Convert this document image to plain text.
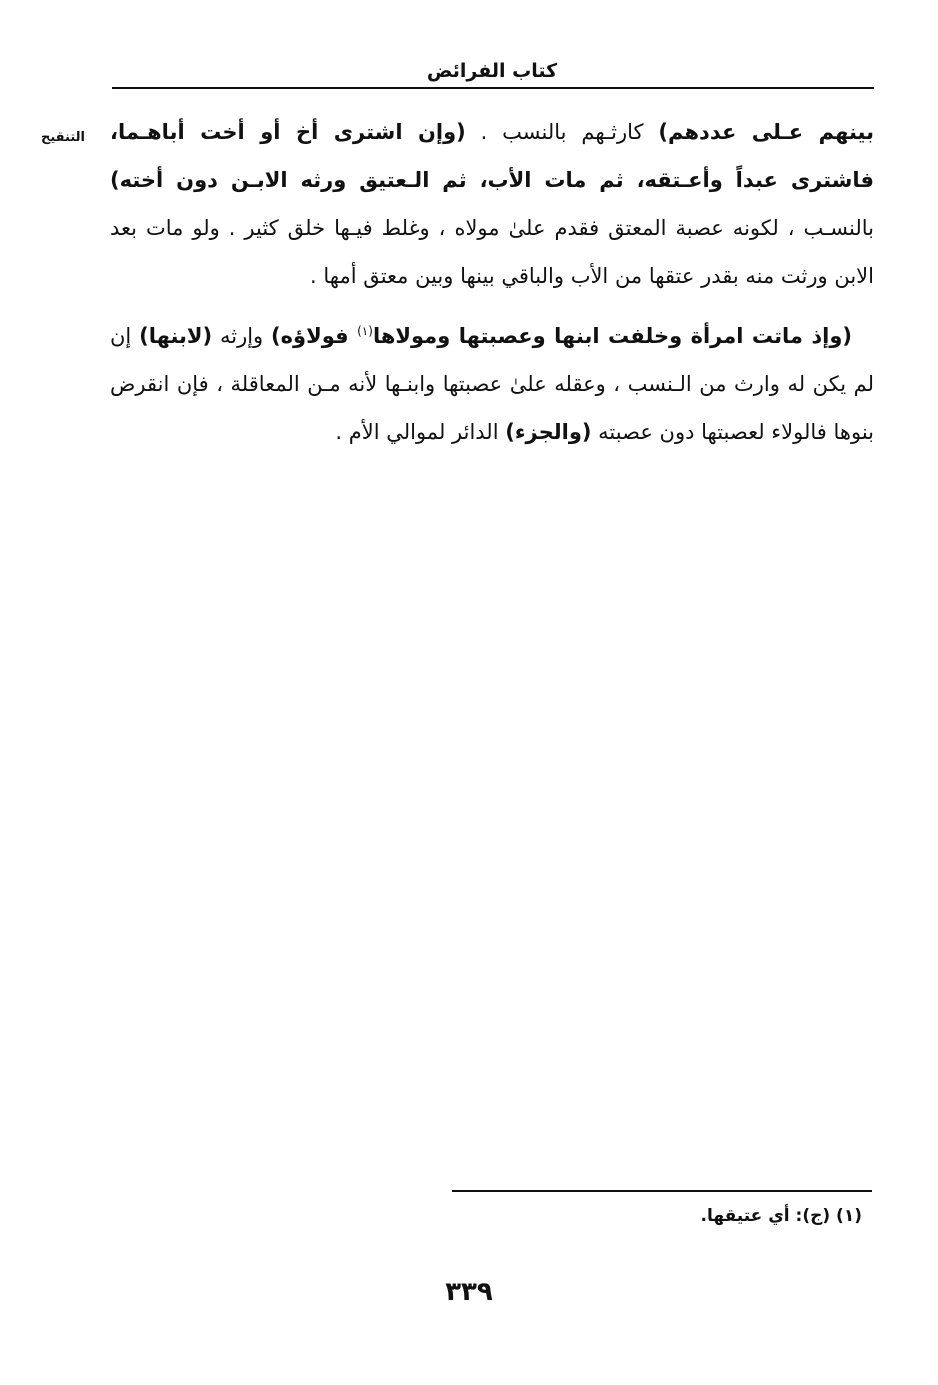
كتاب الفرائض
التنقيح	بينهم عـلى عددهم) كارثـهم بالنسب . (وإن اشترى أخ أو أخت أباهـما، فاشترى عبداً وأعـتقه، ثم مات الأب، ثم الـعتيق ورثه الابـن دون أخته) بالنسـب ، لكونه عصبة المعتق فقدم علىٰ مولاه ، وغلط فيـها خلق كثير . ولو مات بعد الابن ورثت منه بقدر عتقها من الأب والباقي بينها وبين معتق أمها .

(وإذ ماتت امرأة وخلفت ابنها وعصبتها ومولاها$^{(١)}$ فولاؤه) وإرثه (لابنها) إن لم يكن له وارث من الـنسب ، وعقله علىٰ عصبتها وابنـها لأنه مـن المعاقلة ، فإن انقرض بنوها فالولاء لعصبتها دون عصبته (والجزء) الدائر لموالي الأم .

(١) (ج): أي عتيقها.
٣٣٩
